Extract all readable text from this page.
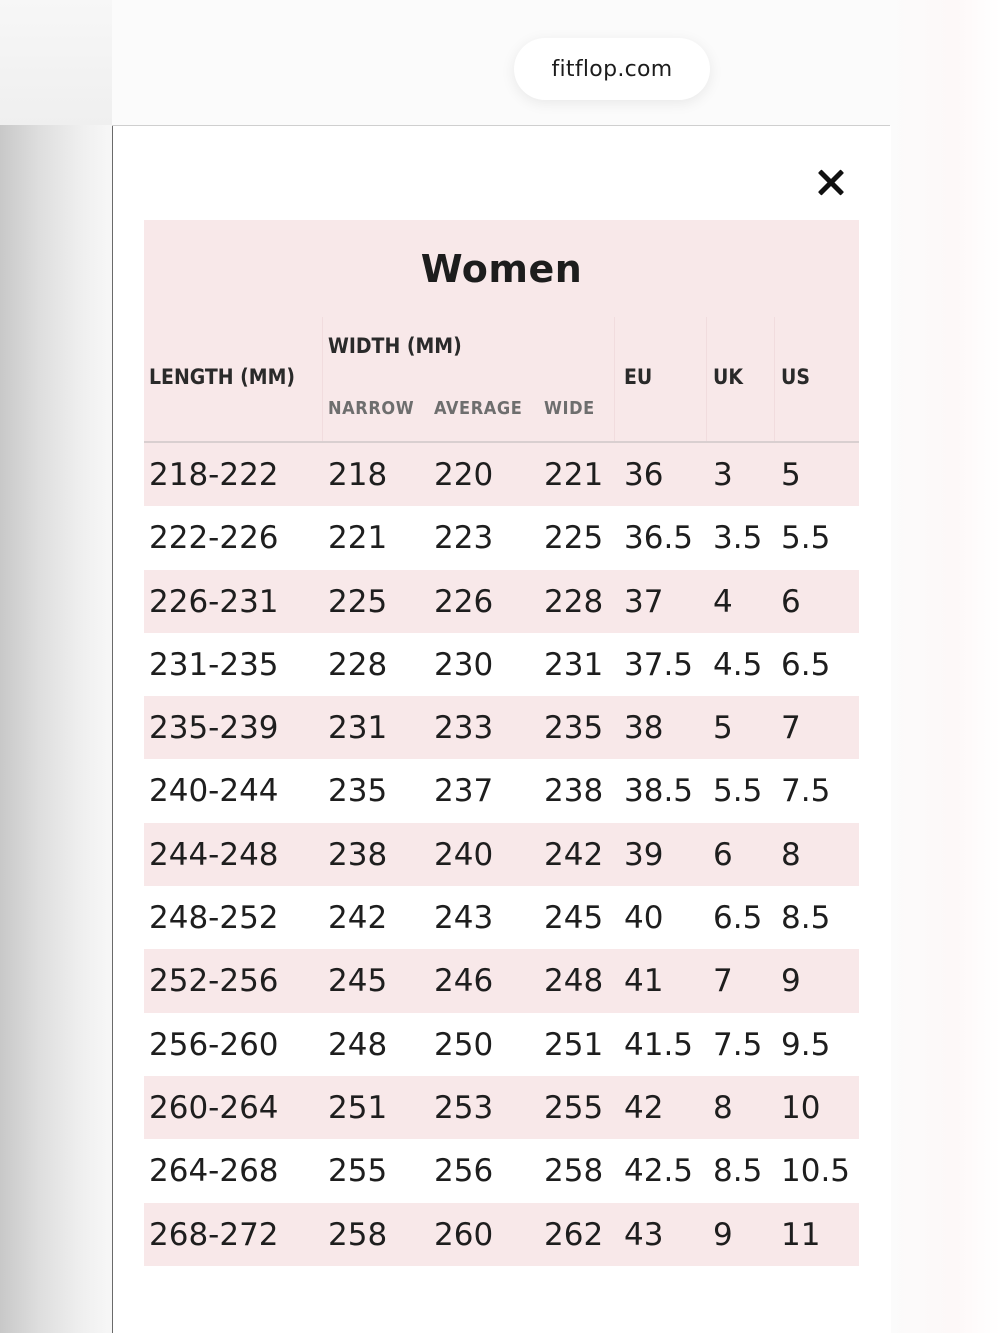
fitflop.com
Women
LENGTH (MM)
WIDTH (MM)
NARROW AVERAGE WIDE
EU	UK US
218-222 218 220 221 36 3 5
222-226 221 223 225 36.5 3.5 5.5
226-231 225 226 228 37 4 6
231-235 228 230 231 37.5 4.5 6.5
235-239 231 233 235 38 5 7
240-244 235 237 238 38.5 5.5 7.5
244-248 238 240 242 39 6 8
248-252 242 243 245 40 6.5 8.5
252-256 245 246 248 41 7 9
256-260 248 250 251 41.5 7.5 9.5
260-264 251 253 255 42 8 10
264-268 255 256 258 42.5 8.5 10.5
268-272 258 260 262 43 9 11
